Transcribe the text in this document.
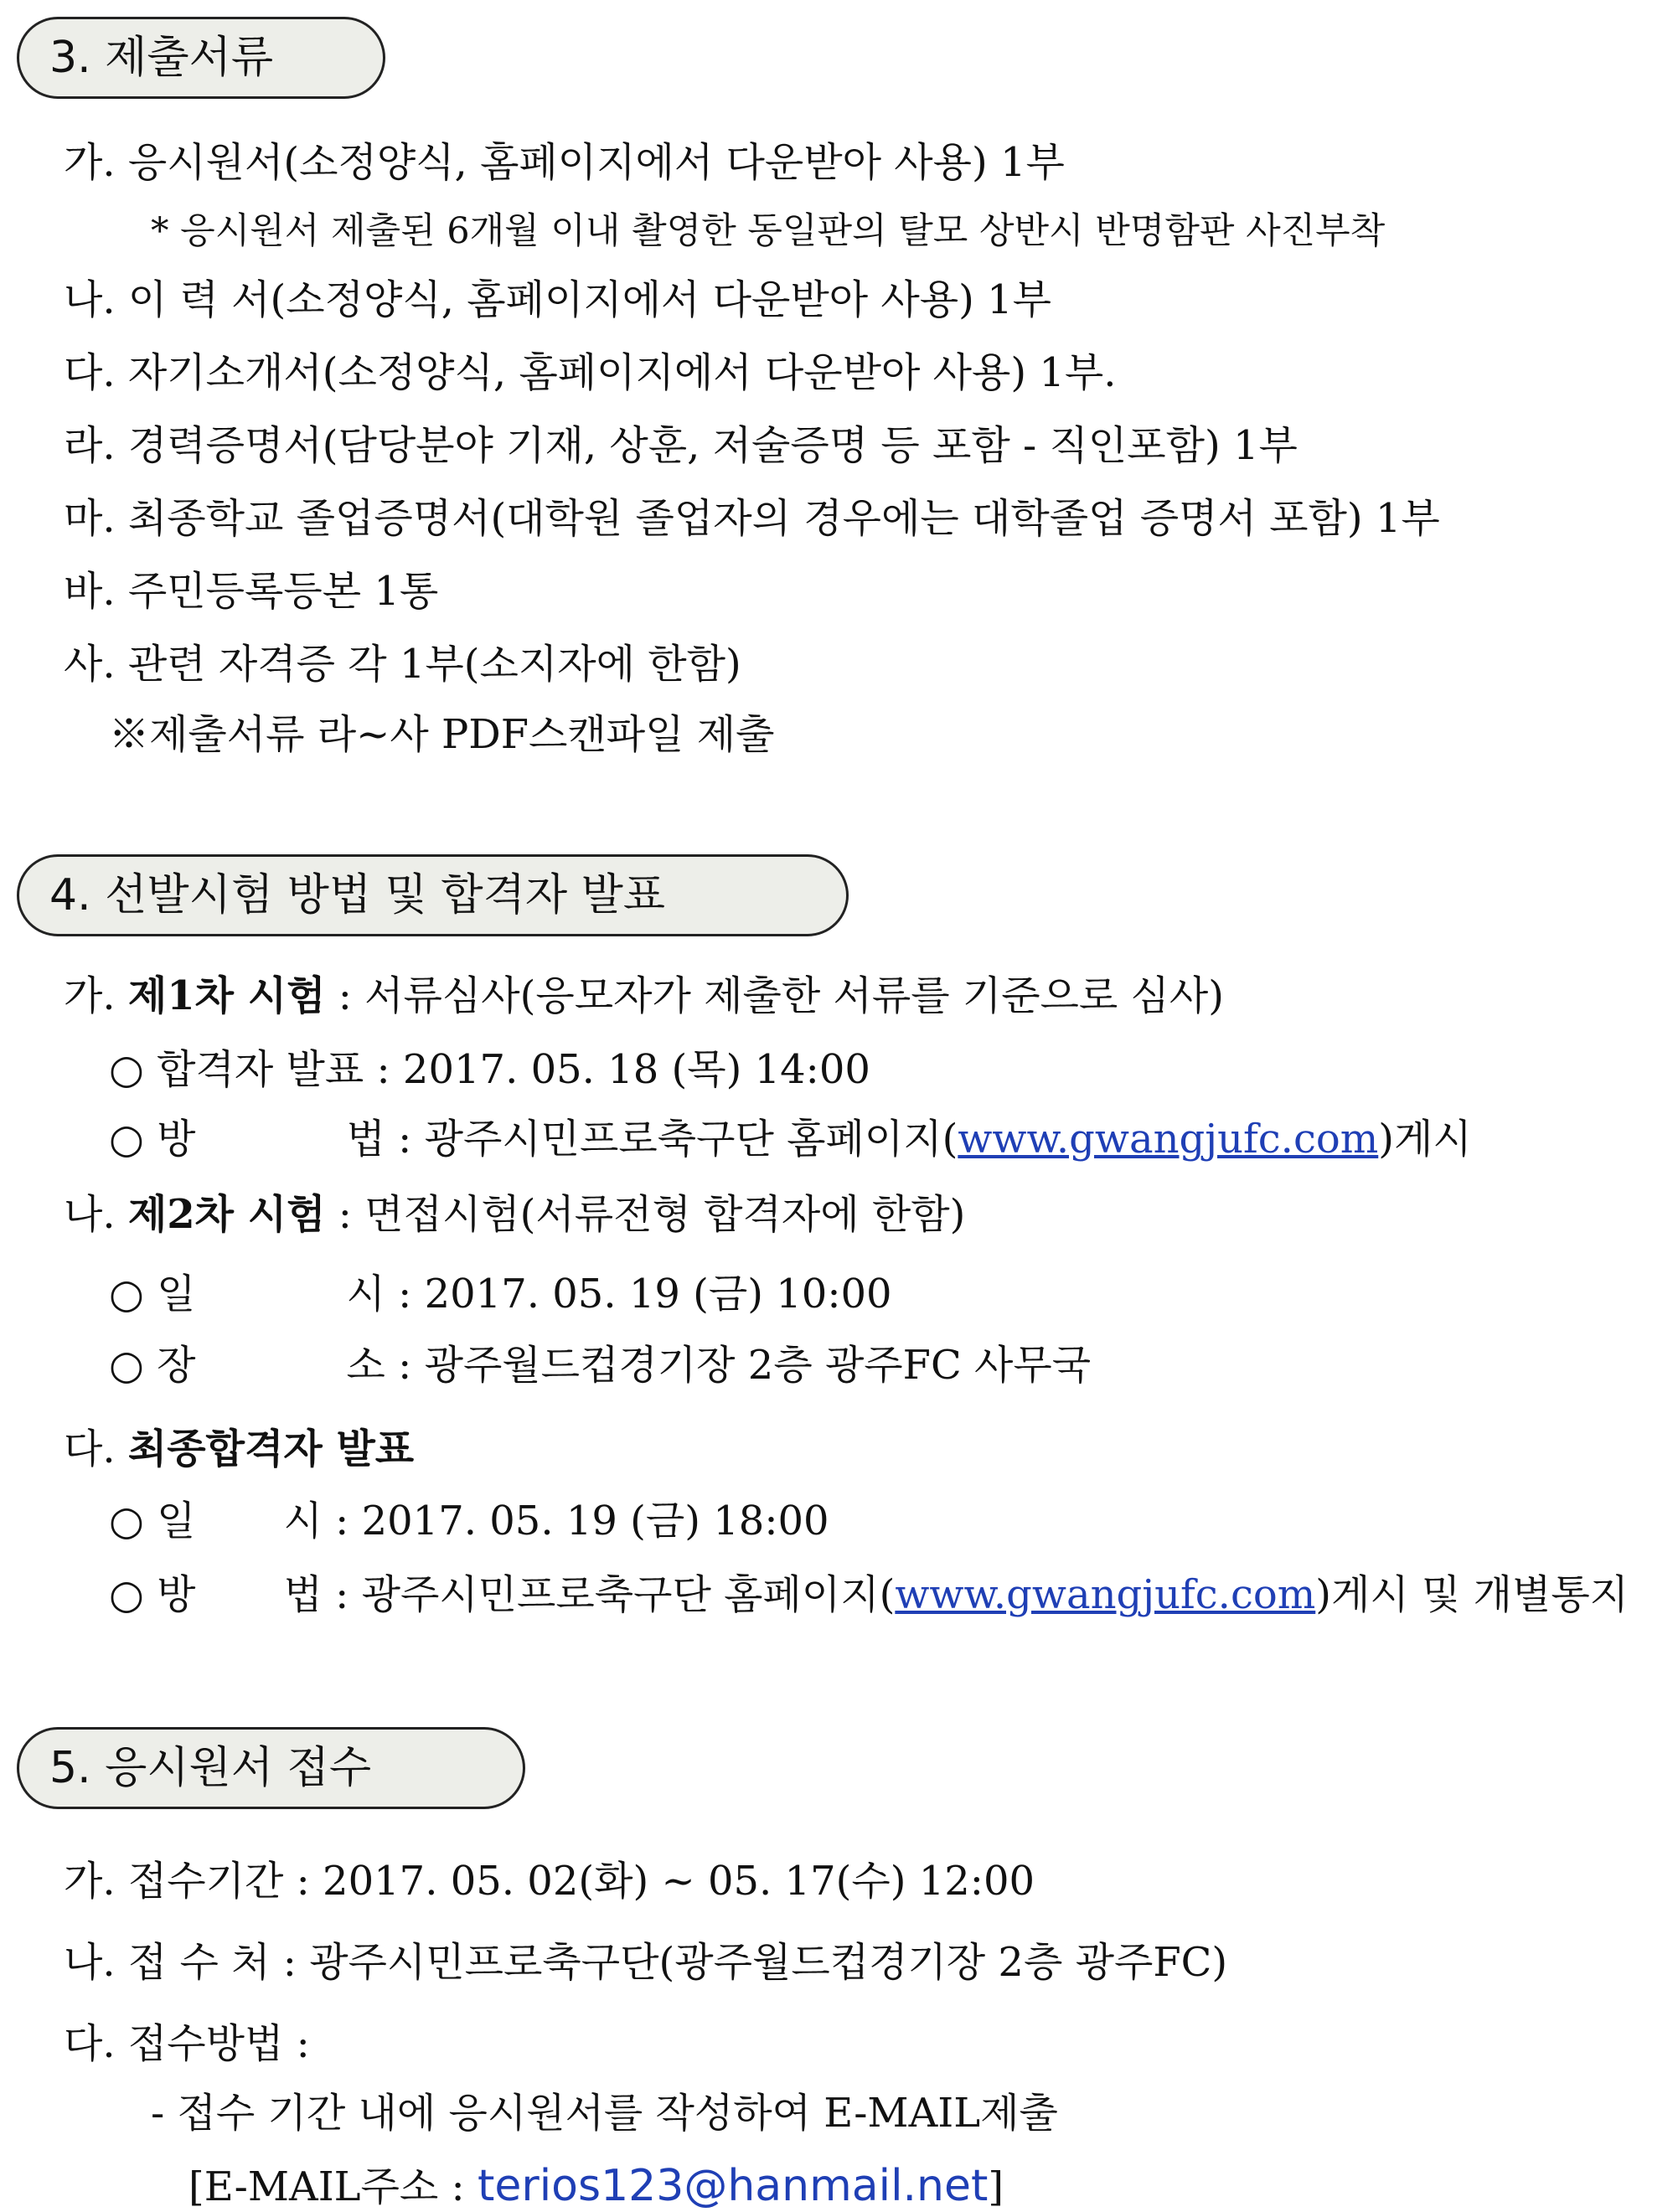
3. 제출서류
가. 응시원서(소정양식, 홈페이지에서 다운받아 사용) 1부
* 응시원서 제출된 6개월 이내 촬영한 동일판의 탈모 상반시 반명함판 사진부착
나. 이 력 서(소정양식, 홈페이지에서 다운받아 사용) 1부
다. 자기소개서(소정양식, 홈페이지에서 다운받아 사용) 1부.
라. 경력증명서(담당분야 기재, 상훈, 저술증명 등 포함 - 직인포함) 1부
마. 최종학교 졸업증명서(대학원 졸업자의 경우에는 대학졸업 증명서 포함) 1부
바. 주민등록등본 1통
사. 관련 자격증 각 1부(소지자에 한함)
※제출서류 라~사 PDF스캔파일 제출
4. 선발시험 방법 및 합격자 발표
가. 제1차 시험 : 서류심사(응모자가 제출한 서류를 기준으로 심사)
○ 합격자 발표 : 2017. 05. 18 (목) 14:00
○ 방	법 : 광주시민프로축구단 홈페이지(www.gwangjufc.com)게시
나. 제2차 시험 : 면접시험(서류전형 합격자에 한함)
○ 일	시 : 2017. 05. 19 (금) 10:00
○ 장	소 : 광주월드컵경기장 2층 광주FC 사무국
다. 최종합격자 발표
○ 일 시 : 2017. 05. 19 (금) 18:00
○ 방 법 : 광주시민프로축구단 홈페이지(www.gwangjufc.com)게시 및 개별통지
5. 응시원서 접수
가. 접수기간 : 2017. 05. 02(화) ~ 05. 17(수) 12:00
나. 접 수 처 : 광주시민프로축구단(광주월드컵경기장 2층 광주FC)
다. 접수방법 :
- 접수 기간 내에 응시원서를 작성하여 E-MAIL제출
[E-MAIL주소 : terios123@hanmail.net]
